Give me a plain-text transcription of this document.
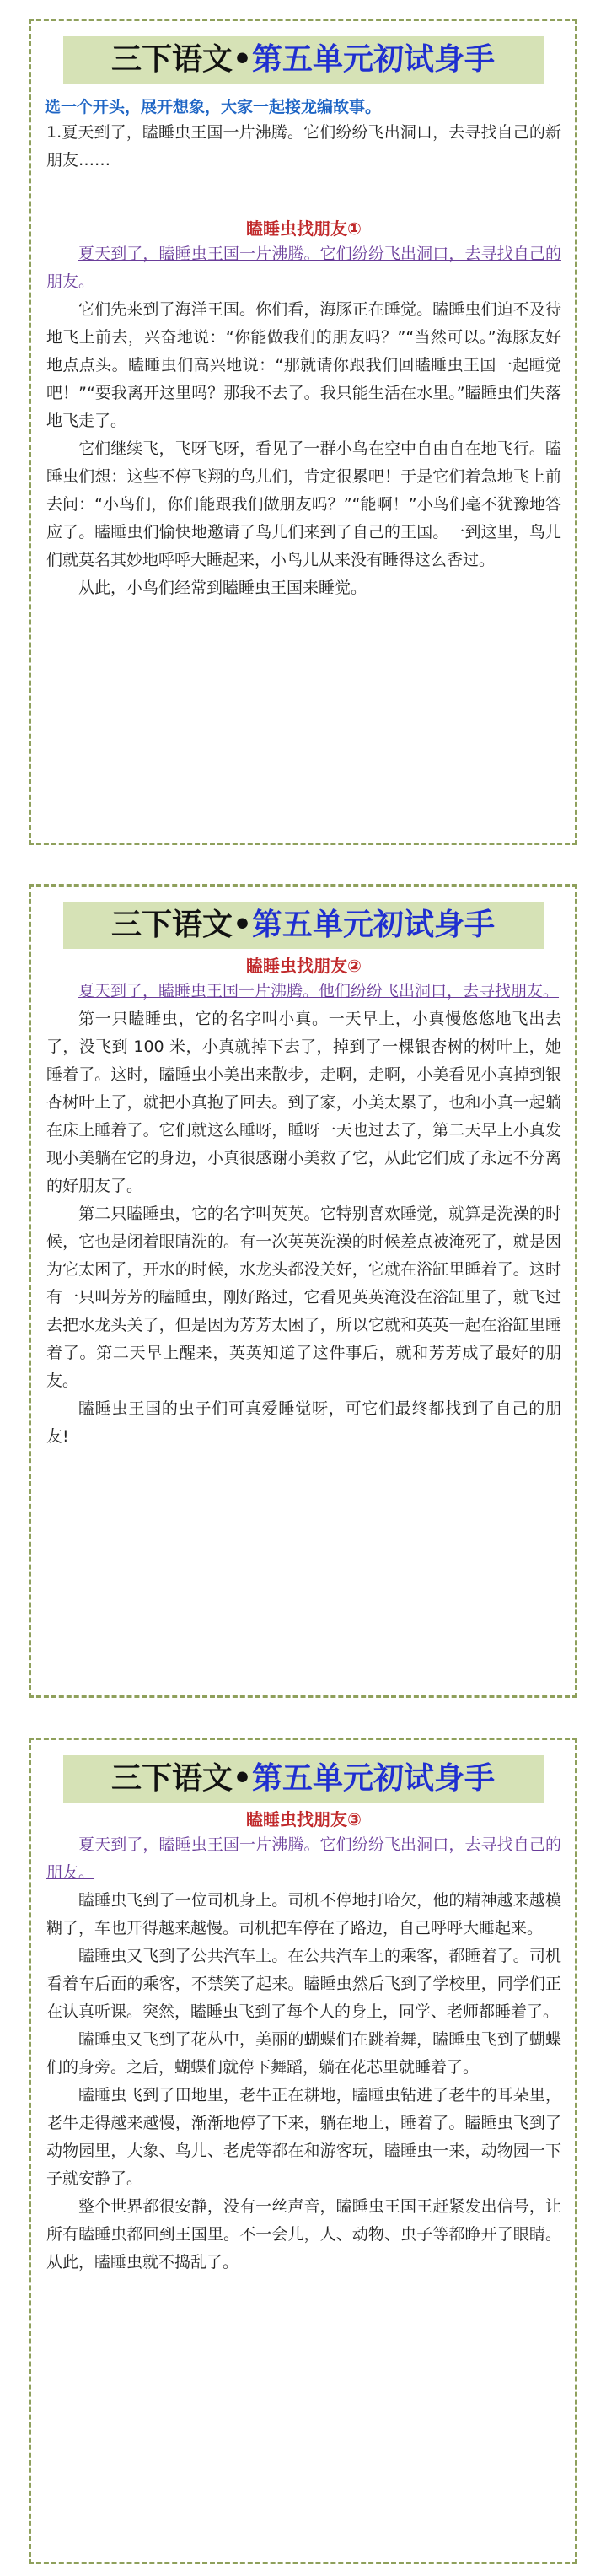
三下语文•第五单元初试身手
选一个开头，展开想象，大家一起接龙编故事。

1.夏天到了，瞌睡虫王国一片沸腾。它们纷纷飞出洞口，去寻找自己的新朋友……

瞌睡虫找朋友①

夏天到了，瞌睡虫王国一片沸腾。它们纷纷飞出洞口，去寻找自己的朋友。

它们先来到了海洋王国。你们看，海豚正在睡觉。瞌睡虫们迫不及待地飞上前去，兴奋地说：“你能做我们的朋友吗？”“当然可以。”海豚友好地点点头。瞌睡虫们高兴地说：“那就请你跟我们回瞌睡虫王国一起睡觉吧！”“要我离开这里吗？那我不去了。我只能生活在水里。”瞌睡虫们失落地飞走了。

它们继续飞，飞呀飞呀，看见了一群小鸟在空中自由自在地飞行。瞌睡虫们想：这些不停飞翔的鸟儿们，肯定很累吧！于是它们着急地飞上前去问：“小鸟们，你们能跟我们做朋友吗？”“能啊！”小鸟们毫不犹豫地答应了。瞌睡虫们愉快地邀请了鸟儿们来到了自己的王国。一到这里，鸟儿们就莫名其妙地呼呼大睡起来，小鸟儿从来没有睡得这么香过。

从此，小鸟们经常到瞌睡虫王国来睡觉。

三下语文•第五单元初试身手
瞌睡虫找朋友②

夏天到了，瞌睡虫王国一片沸腾。他们纷纷飞出洞口，去寻找朋友。

第一只瞌睡虫，它的名字叫小真。一天早上，小真慢悠悠地飞出去了，没飞到 100 米，小真就掉下去了，掉到了一棵银杏树的树叶上，她睡着了。这时，瞌睡虫小美出来散步，走啊，走啊，小美看见小真掉到银杏树叶上了，就把小真抱了回去。到了家，小美太累了，也和小真一起躺在床上睡着了。它们就这么睡呀，睡呀一天也过去了，第二天早上小真发现小美躺在它的身边，小真很感谢小美救了它，从此它们成了永远不分离的好朋友了。

第二只瞌睡虫，它的名字叫英英。它特别喜欢睡觉，就算是洗澡的时候，它也是闭着眼睛洗的。有一次英英洗澡的时候差点被淹死了，就是因为它太困了，开水的时候，水龙头都没关好，它就在浴缸里睡着了。这时有一只叫芳芳的瞌睡虫，刚好路过，它看见英英淹没在浴缸里了，就飞过去把水龙头关了，但是因为芳芳太困了，所以它就和英英一起在浴缸里睡着了。第二天早上醒来，英英知道了这件事后，就和芳芳成了最好的朋友。

瞌睡虫王国的虫子们可真爱睡觉呀，可它们最终都找到了自己的朋友!

三下语文•第五单元初试身手
瞌睡虫找朋友③

夏天到了，瞌睡虫王国一片沸腾。它们纷纷飞出洞口，去寻找自己的朋友。

瞌睡虫飞到了一位司机身上。司机不停地打哈欠，他的精神越来越模糊了，车也开得越来越慢。司机把车停在了路边，自己呼呼大睡起来。

瞌睡虫又飞到了公共汽车上。在公共汽车上的乘客，都睡着了。司机看着车后面的乘客，不禁笑了起来。瞌睡虫然后飞到了学校里，同学们正在认真听课。突然，瞌睡虫飞到了每个人的身上，同学、老师都睡着了。

瞌睡虫又飞到了花丛中，美丽的蝴蝶们在跳着舞，瞌睡虫飞到了蝴蝶们的身旁。之后，蝴蝶们就停下舞蹈，躺在花芯里就睡着了。

瞌睡虫飞到了田地里，老牛正在耕地，瞌睡虫钻进了老牛的耳朵里，老牛走得越来越慢，渐渐地停了下来，躺在地上，睡着了。瞌睡虫飞到了动物园里，大象、鸟儿、老虎等都在和游客玩，瞌睡虫一来，动物园一下子就安静了。

整个世界都很安静，没有一丝声音，瞌睡虫王国王赶紧发出信号，让所有瞌睡虫都回到王国里。不一会儿，人、动物、虫子等都睁开了眼睛。从此，瞌睡虫就不捣乱了。
